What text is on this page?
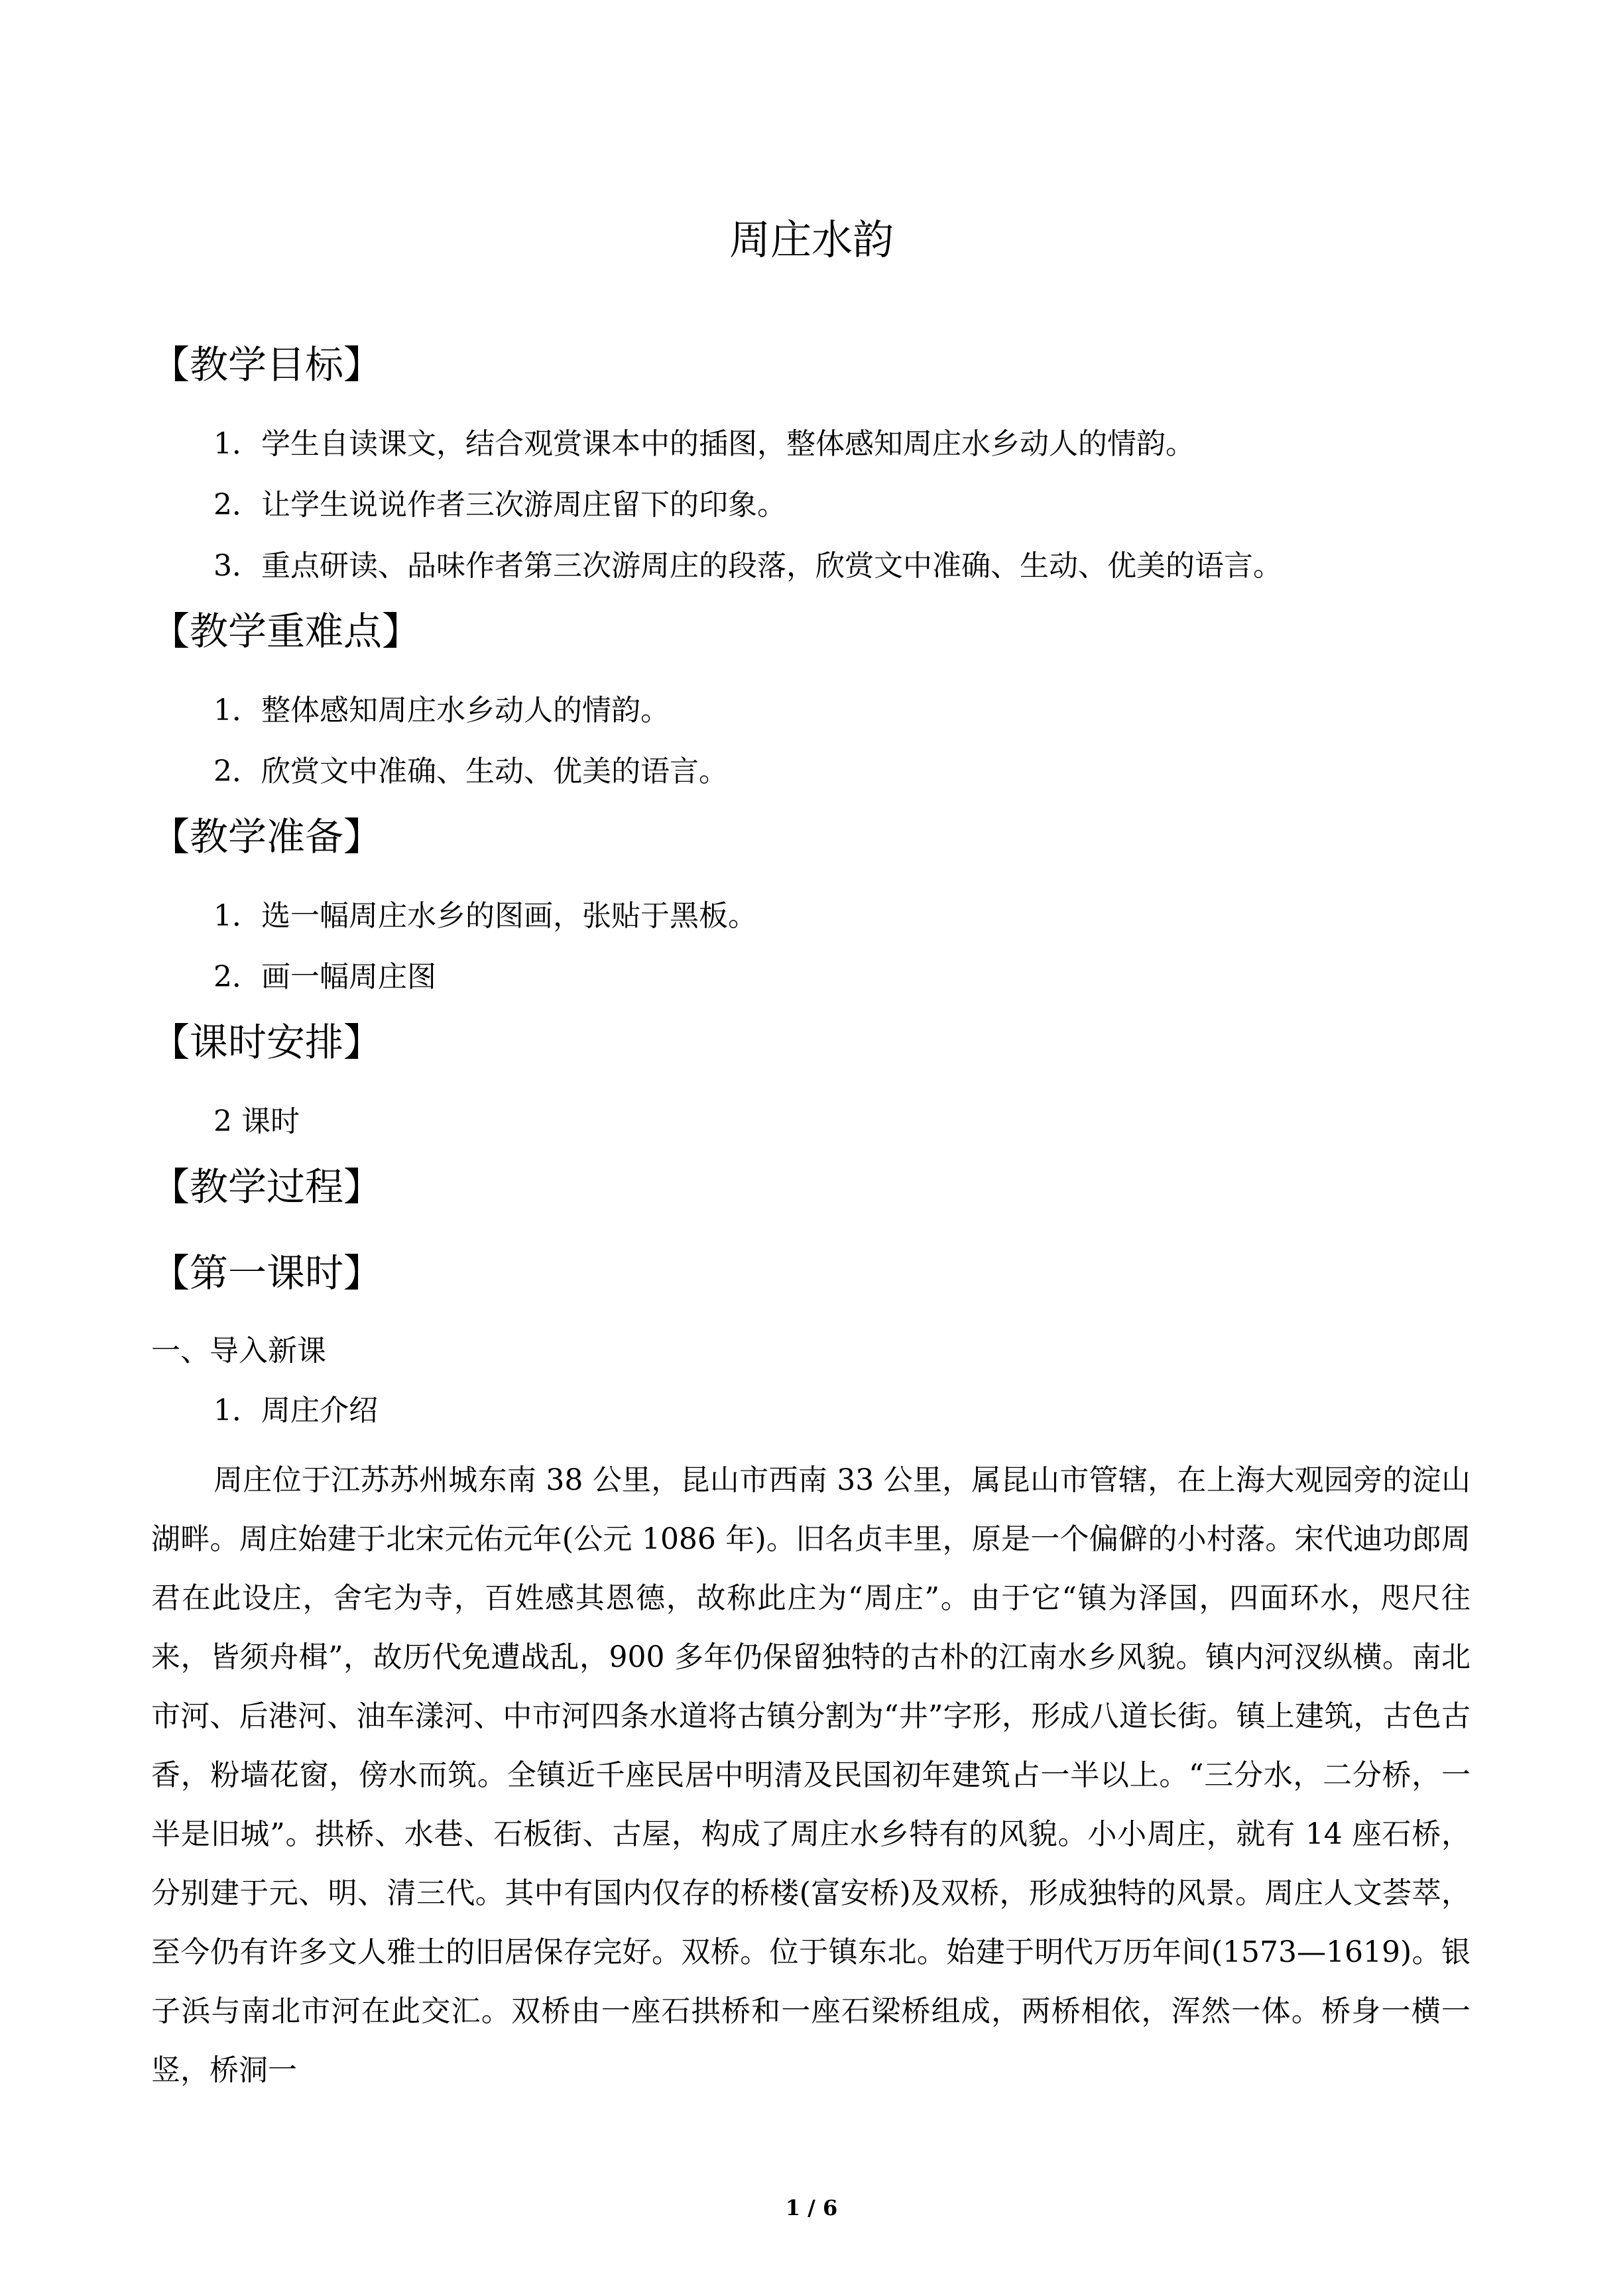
周庄水韵
【教学目标】
1．学生自读课文，结合观赏课本中的插图，整体感知周庄水乡动人的情韵。
2．让学生说说作者三次游周庄留下的印象。
3．重点研读、品味作者第三次游周庄的段落，欣赏文中准确、生动、优美的语言。
【教学重难点】
1．整体感知周庄水乡动人的情韵。
2．欣赏文中准确、生动、优美的语言。
【教学准备】
1．选一幅周庄水乡的图画，张贴于黑板。
2．画一幅周庄图
【课时安排】
2 课时
【教学过程】
【第一课时】
一、导入新课
1．周庄介绍

周庄位于江苏苏州城东南 38 公里，昆山市西南 33 公里，属昆山市管辖，在上海大观园旁的淀山湖畔。周庄始建于北宋元佑元年(公元 1086 年)。旧名贞丰里，原是一个偏僻的小村落。宋代迪功郎周君在此设庄，舍宅为寺，百姓感其恩德，故称此庄为“周庄”。由于它“镇为泽国，四面环水，咫尺往来，皆须舟楫”，故历代免遭战乱，900 多年仍保留独特的古朴的江南水乡风貌。镇内河汊纵横。南北市河、后港河、油车漾河、中市河四条水道将古镇分割为“井”字形，形成八道长街。镇上建筑，古色古香，粉墙花窗，傍水而筑。全镇近千座民居中明清及民国初年建筑占一半以上。“三分水，二分桥，一半是旧城”。拱桥、水巷、石板街、古屋，构成了周庄水乡特有的风貌。小小周庄，就有 14 座石桥，分别建于元、明、清三代。其中有国内仅存的桥楼(富安桥)及双桥，形成独特的风景。周庄人文荟萃，至今仍有许多文人雅士的旧居保存完好。双桥。位于镇东北。始建于明代万历年间(1573—1619)。银子浜与南北市河在此交汇。双桥由一座石拱桥和一座石梁桥组成，两桥相依，浑然一体。桥身一横一竖，桥洞一

1 / 6
